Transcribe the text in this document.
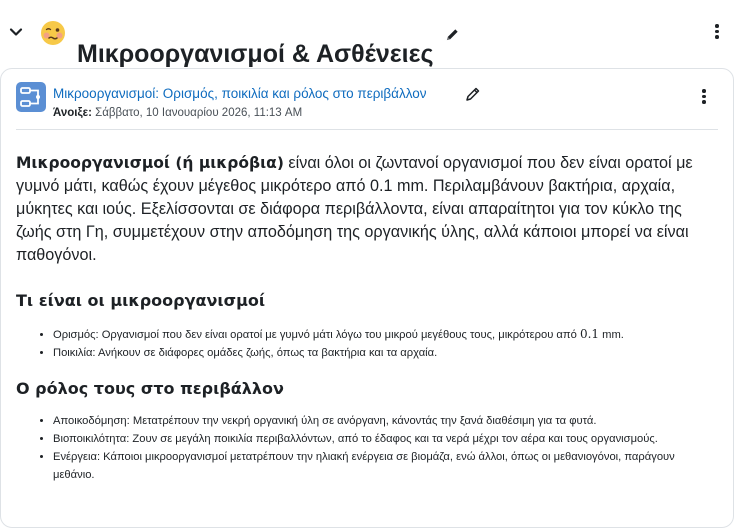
Μικροοργανισμοί & Ασθένειες
Μικροοργανισμοί: Ορισμός, ποικιλία και ρόλος στο περιβάλλον
Άνοιξε: Σάββατο, 10 Ιανουαρίου 2026, 11:13 AM

Μικροοργανισμοί (ή μικρόβια) είναι όλοι οι ζωντανοί οργανισμοί που δεν είναι ορατοί με γυμνό μάτι, καθώς έχουν μέγεθος μικρότερο από 0.1 mm. Περιλαμβάνουν βακτήρια, αρχαία, μύκητες και ιούς. Εξελίσσονται σε διάφορα περιβάλλοντα, είναι απαραίτητοι για τον κύκλο της ζωής στη Γη, συμμετέχουν στην αποδόμηση της οργανικής ύλης, αλλά κάποιοι μπορεί να είναι παθογόνοι.

Τι είναι οι μικροοργανισμοί
• Ορισμός: Οργανισμοί που δεν είναι ορατοί με γυμνό μάτι λόγω του μικρού μεγέθους τους, μικρότερου από 0.1 mm.
• Ποικιλία: Ανήκουν σε διάφορες ομάδες ζωής, όπως τα βακτήρια και τα αρχαία.
Ο ρόλος τους στο περιβάλλον
• Αποικοδόμηση: Μετατρέπουν την νεκρή οργανική ύλη σε ανόργανη, κάνοντάς την ξανά διαθέσιμη για τα φυτά.
• Βιοποικιλότητα: Ζουν σε μεγάλη ποικιλία περιβαλλόντων, από το έδαφος και τα νερά μέχρι τον αέρα και τους οργανισμούς.
• Ενέργεια: Κάποιοι μικροοργανισμοί μετατρέπουν την ηλιακή ενέργεια σε βιομάζα, ενώ άλλοι, όπως οι μεθανιογόνοι, παράγουν μεθάνιο.
